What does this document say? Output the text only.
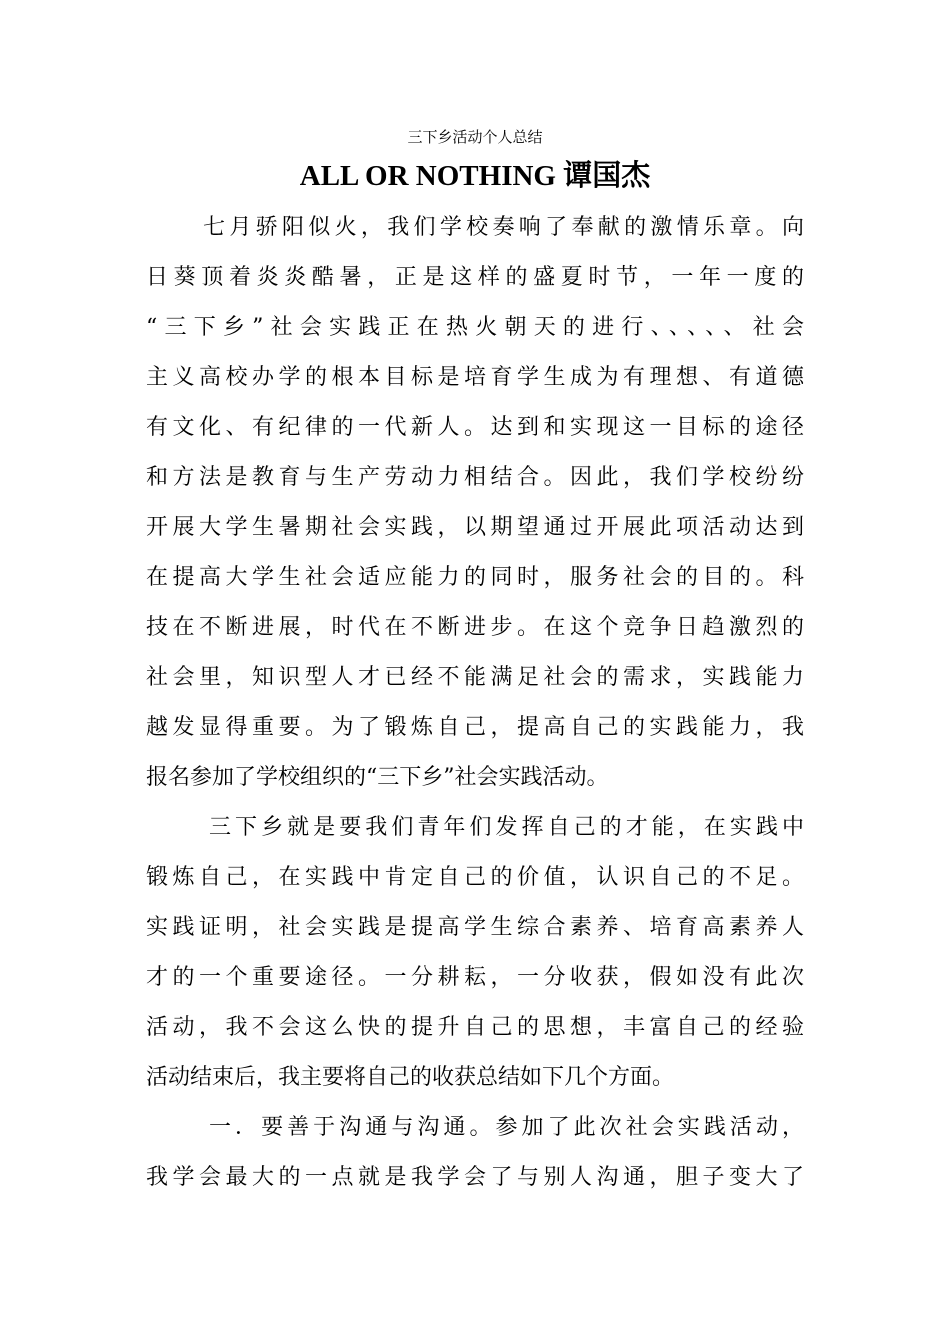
三下乡活动个人总结
ALL OR NOTHING 谭国杰
七月骄阳似火，我们学校奏响了奉献的激情乐章。向
日葵顶着炎炎酷暑，正是这样的盛夏时节，一年一度的
“三下乡”社会实践正在热火朝天的进行、、、、、社会
主义高校办学的根本目标是培育学生成为有理想、有道德
有文化、有纪律的一代新人。达到和实现这一目标的途径
和方法是教育与生产劳动力相结合。因此，我们学校纷纷
开展大学生暑期社会实践，以期望通过开展此项活动达到
在提高大学生社会适应能力的同时，服务社会的目的。科
技在不断进展，时代在不断进步。在这个竞争日趋激烈的
社会里，知识型人才已经不能满足社会的需求，实践能力
越发显得重要。为了锻炼自己，提高自己的实践能力，我
报名参加了学校组织的“三下乡”社会实践活动。
三下乡就是要我们青年们发挥自己的才能，在实践中
锻炼自己，在实践中肯定自己的价值，认识自己的不足。
实践证明，社会实践是提高学生综合素养、培育高素养人
才的一个重要途径。一分耕耘，一分收获，假如没有此次
活动，我不会这么快的提升自己的思想，丰富自己的经验
活动结束后，我主要将自己的收获总结如下几个方面。
一．要善于沟通与沟通。参加了此次社会实践活动，
我学会最大的一点就是我学会了与别人沟通，胆子变大了
